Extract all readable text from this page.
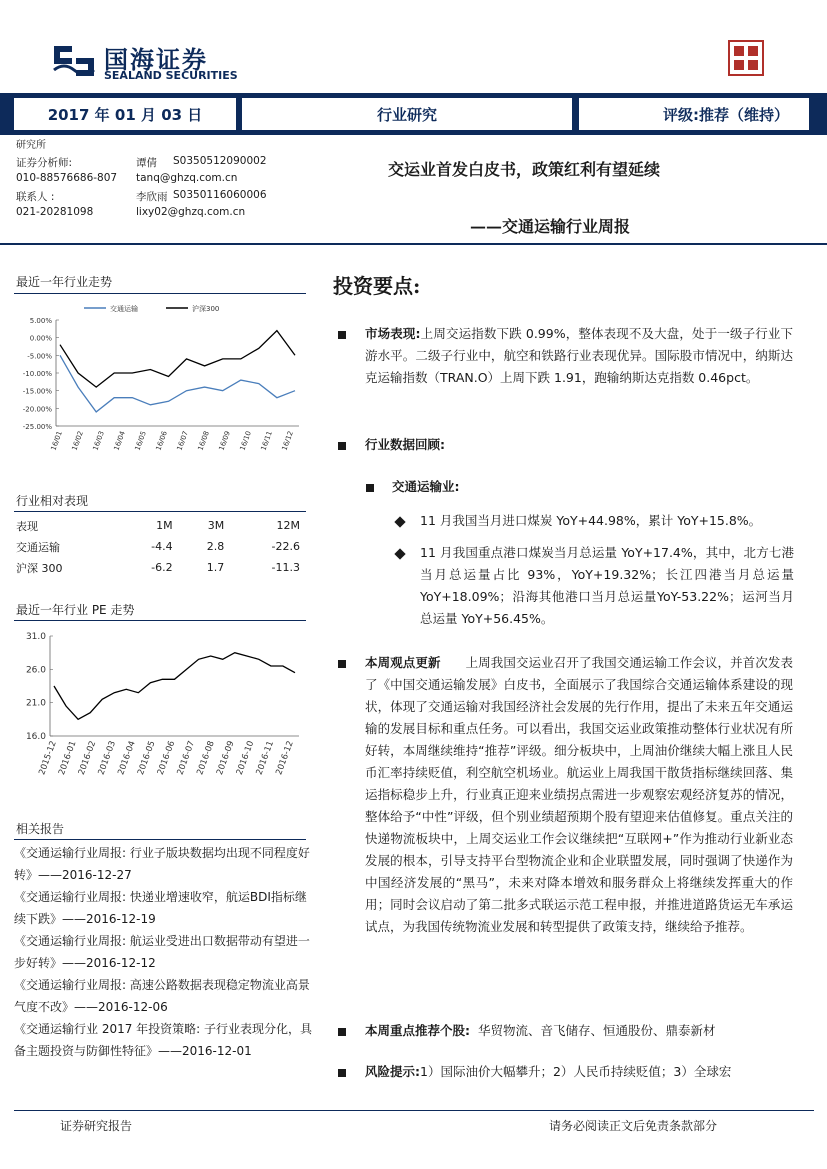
国海证券
SEALAND SECURITIES
2017 年 01 月 03 日	行业研究	评级:推荐（维持）
研究所
证券分析师:	谭倩 S0350512090002
010-88576686-807 tanq@ghzq.com.cn
联系人 :	李欣雨 S0350116060006
021-20281098	lixy02@ghzq.com.cn
交运业首发白皮书，政策红利有望延续
——交通运输行业周报
最近一年行业走势
5.00%
0.00%
-5.00%
-10.00%
-15.00%
-20.00%
-25.00%
16/01 16/02 16/03 16/04 16/05 16/06 16/07 16/08 16/09 16/10 16/11 16/12
交通运输	沪深300
行业相对表现
表现	1M	3M	12M
交通运输	-4.4	2.8	-22.6
沪深 300	-6.2	1.7	-11.3
最近一年行业 PE 走势
31.0
26.0
21.0
16.0
2015-12
2016-01
2016-02
2016-03
2016-04
2016-05
2016-06
2016-07
2016-08
2016-09
2016-10
2016-11
2016-12
相关报告
《交通运输行业周报: 行业子版块数据均出现不同程度好转》——2016-12-27
《交通运输行业周报: 快递业增速收窄，航运BDI指标继续下跌》——2016-12-19
《交通运输行业周报: 航运业受进出口数据带动有望进一步好转》——2016-12-12
《交通运输行业周报: 高速公路数据表现稳定物流业高景气度不改》——2016-12-06
《交通运输行业 2017 年投资策略: 子行业表现分化，具备主题投资与防御性特征》——2016-12-01
投资要点:
市场表现:上周交运指数下跌 0.99%，整体表现不及大盘，处于一级子行业下游水平。二级子行业中，航空和铁路行业表现优异。国际股市情况中，纳斯达克运输指数（TRAN.O）上周下跌 1.91，跑输纳斯达克指数 0.46pct。
行业数据回顾:
交通运输业:
11 月我国当月进口煤炭 YoY+44.98%，累计 YoY+15.8%。
11 月我国重点港口煤炭当月总运量 YoY+17.4%，其中，北方七港当月总运量占比 93%，YoY+19.32%；长江四港当月总运量 YoY+18.09%；沿海其他港口当月总运量YoY-53.22%；运河当月总运量 YoY+56.45%。
本周观点更新 上周我国交运业召开了我国交通运输工作会议，并首次发表了《中国交通运输发展》白皮书，全面展示了我国综合交通运输体系建设的现状，体现了交通运输对我国经济社会发展的先行作用，提出了未来五年交通运输的发展目标和重点任务。可以看出，我国交运业政策推动整体行业状况有所好转，本周继续维持“推荐”评级。细分板块中，上周油价继续大幅上涨且人民币汇率持续贬值，利空航空机场业。航运业上周我国干散货指标继续回落、集运指标稳步上升，行业真正迎来业绩拐点需进一步观察宏观经济复苏的情况，整体给予“中性”评级，但个别业绩超预期个股有望迎来估值修复。重点关注的快递物流板块中，上周交运业工作会议继续把“互联网+”作为推动行业新业态发展的根本，引导支持平台型物流企业和企业联盟发展，同时强调了快递作为中国经济发展的“黑马”，未来对降本增效和服务群众上将继续发挥重大的作用；同时会议启动了第二批多式联运示范工程申报，并推进道路货运无车承运试点，为我国传统物流业发展和转型提供了政策支持，继续给予推荐。
本周重点推荐个股: 华贸物流、音飞储存、恒通股份、鼎泰新材
风险提示:1）国际油价大幅攀升；2）人民币持续贬值；3）全球宏
证券研究报告	请务必阅读正文后免责条款部分
